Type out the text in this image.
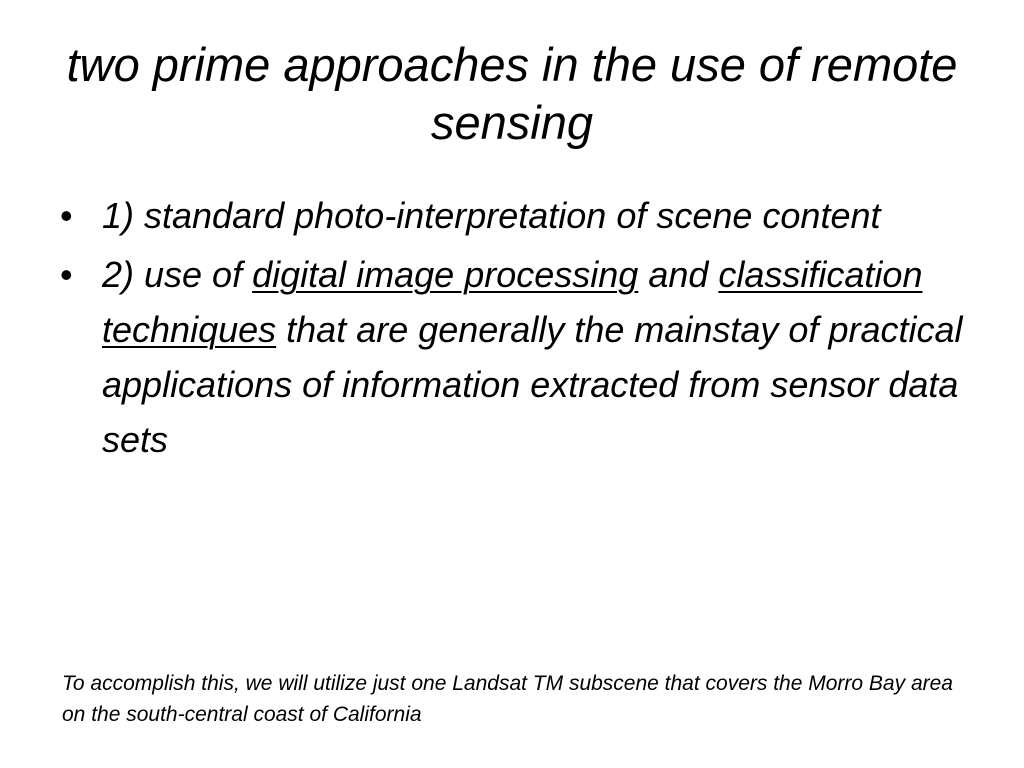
two prime approaches in the use of remote sensing
• 1) standard photo-interpretation of scene content
• 2) use of digital image processing and classification techniques that are generally the mainstay of practical applications of information extracted from sensor data sets

To accomplish this, we will utilize just one Landsat TM subscene that covers the Morro Bay area on the south-central coast of California
